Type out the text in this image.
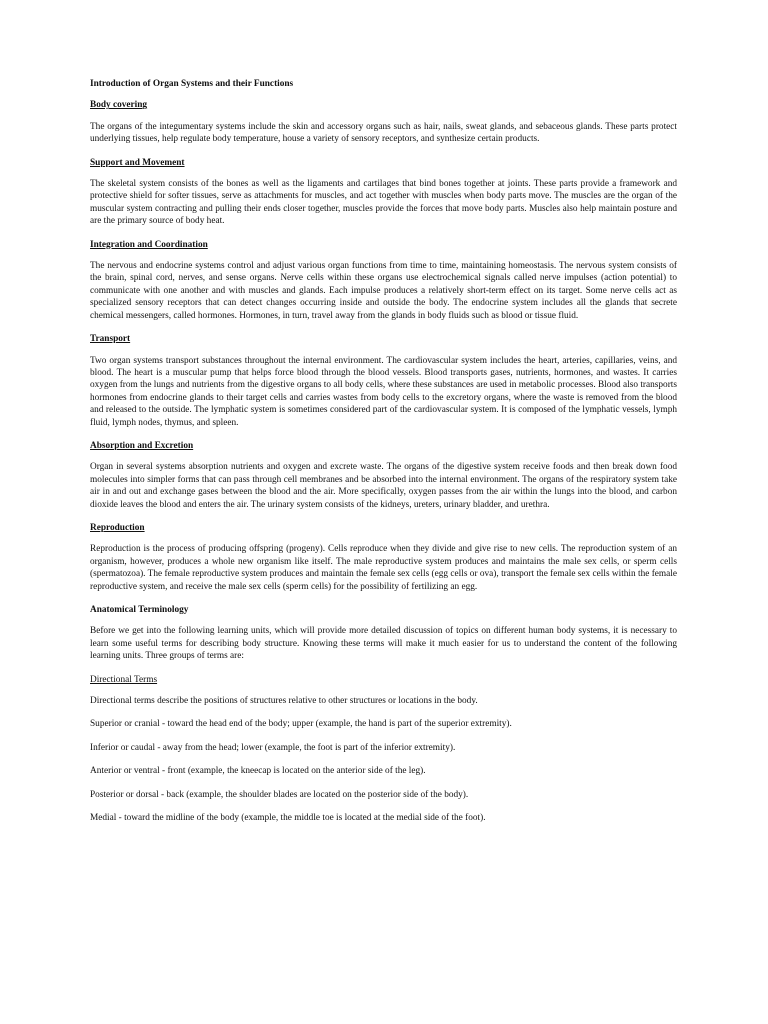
Introduction of Organ Systems and their Functions
Body covering

The organs of the integumentary systems include the skin and accessory organs such as hair, nails, sweat glands, and sebaceous glands. These parts protect underlying tissues, help regulate body temperature, house a variety of sensory receptors, and synthesize certain products.

Support and Movement

The skeletal system consists of the bones as well as the ligaments and cartilages that bind bones together at joints. These parts provide a framework and protective shield for softer tissues, serve as attachments for muscles, and act together with muscles when body parts move. The muscles are the organ of the muscular system contracting and pulling their ends closer together, muscles provide the forces that move body parts. Muscles also help maintain posture and are the primary source of body heat.

Integration and Coordination

The nervous and endocrine systems control and adjust various organ functions from time to time, maintaining homeostasis. The nervous system consists of the brain, spinal cord, nerves, and sense organs. Nerve cells within these organs use electrochemical signals called nerve impulses (action potential) to communicate with one another and with muscles and glands. Each impulse produces a relatively short-term effect on its target. Some nerve cells act as specialized sensory receptors that can detect changes occurring inside and outside the body. The endocrine system includes all the glands that secrete chemical messengers, called hormones. Hormones, in turn, travel away from the glands in body fluids such as blood or tissue fluid.

Transport

Two organ systems transport substances throughout the internal environment. The cardiovascular system includes the heart, arteries, capillaries, veins, and blood. The heart is a muscular pump that helps force blood through the blood vessels. Blood transports gases, nutrients, hormones, and wastes. It carries oxygen from the lungs and nutrients from the digestive organs to all body cells, where these substances are used in metabolic processes. Blood also transports hormones from endocrine glands to their target cells and carries wastes from body cells to the excretory organs, where the waste is removed from the blood and released to the outside. The lymphatic system is sometimes considered part of the cardiovascular system. It is composed of the lymphatic vessels, lymph fluid, lymph nodes, thymus, and spleen.

Absorption and Excretion

Organ in several systems absorption nutrients and oxygen and excrete waste. The organs of the digestive system receive foods and then break down food molecules into simpler forms that can pass through cell membranes and be absorbed into the internal environment. The organs of the respiratory system take air in and out and exchange gases between the blood and the air. More specifically, oxygen passes from the air within the lungs into the blood, and carbon dioxide leaves the blood and enters the air. The urinary system consists of the kidneys, ureters, urinary bladder, and urethra.

Reproduction

Reproduction is the process of producing offspring (progeny). Cells reproduce when they divide and give rise to new cells. The reproduction system of an organism, however, produces a whole new organism like itself. The male reproductive system produces and maintains the male sex cells, or sperm cells (spermatozoa). The female reproductive system produces and maintain the female sex cells (egg cells or ova), transport the female sex cells within the female reproductive system, and receive the male sex cells (sperm cells) for the possibility of fertilizing an egg.

Anatomical Terminology

Before we get into the following learning units, which will provide more detailed discussion of topics on different human body systems, it is necessary to learn some useful terms for describing body structure. Knowing these terms will make it much easier for us to understand the content of the following learning units. Three groups of terms are:

Directional Terms
Directional terms describe the positions of structures relative to other structures or locations in the body.
Superior or cranial - toward the head end of the body; upper (example, the hand is part of the superior extremity).
Inferior or caudal - away from the head; lower (example, the foot is part of the inferior extremity).
Anterior or ventral - front (example, the kneecap is located on the anterior side of the leg).
Posterior or dorsal - back (example, the shoulder blades are located on the posterior side of the body).
Medial - toward the midline of the body (example, the middle toe is located at the medial side of the foot).
